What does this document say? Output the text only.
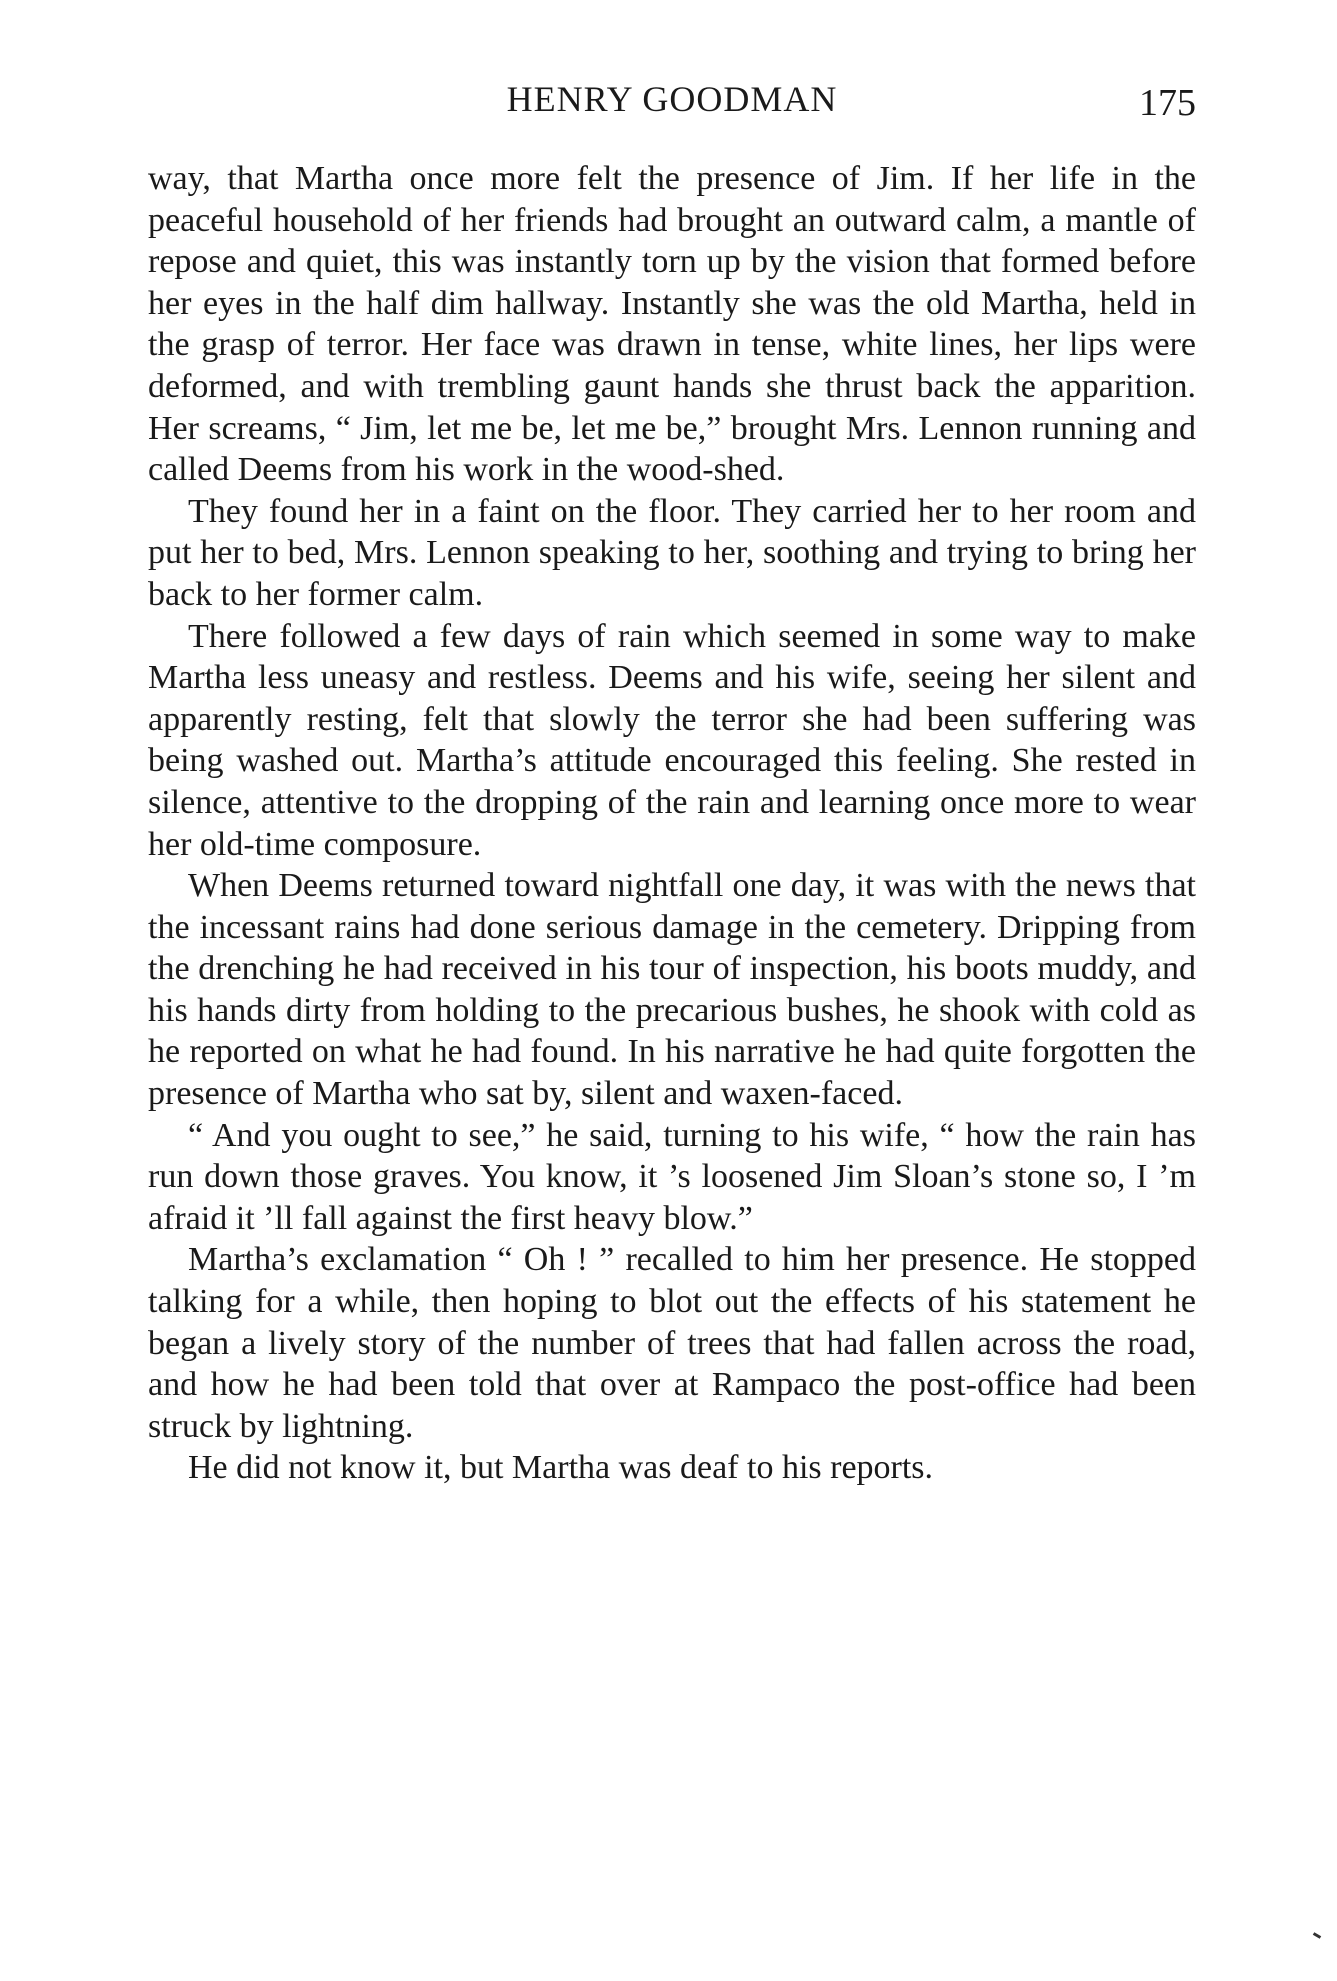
HENRY GOODMAN	175

way, that Martha once more felt the presence of Jim. If her life in the peaceful household of her friends had brought an outward calm, a mantle of repose and quiet, this was instantly torn up by the vision that formed before her eyes in the half dim hallway. Instantly she was the old Martha, held in the grasp of terror. Her face was drawn in tense, white lines, her lips were deformed, and with trembling gaunt hands she thrust back the apparition. Her screams, “ Jim, let me be, let me be,” brought Mrs. Lennon running and called Deems from his work in the wood-shed.

They found her in a faint on the floor. They carried her to her room and put her to bed, Mrs. Lennon speaking to her, soothing and trying to bring her back to her former calm.

There followed a few days of rain which seemed in some way to make Martha less uneasy and restless. Deems and his wife, seeing her silent and apparently resting, felt that slowly the terror she had been suffering was being washed out. Martha’s attitude encouraged this feeling. She rested in silence, attentive to the dropping of the rain and learning once more to wear her old-time composure.

When Deems returned toward nightfall one day, it was with the news that the incessant rains had done serious damage in the cemetery. Dripping from the drenching he had received in his tour of inspection, his boots muddy, and his hands dirty from holding to the precarious bushes, he shook with cold as he reported on what he had found. In his narrative he had quite forgotten the presence of Martha who sat by, silent and waxen-faced.

“ And you ought to see,” he said, turning to his wife, “ how the rain has run down those graves. You know, it ’s loosened Jim Sloan’s stone so, I ’m afraid it ’ll fall against the first heavy blow.”

Martha’s exclamation “ Oh ! ” recalled to him her presence. He stopped talking for a while, then hoping to blot out the effects of his statement he began a lively story of the number of trees that had fallen across the road, and how he had been told that over at Rampaco the post-office had been struck by lightning.

He did not know it, but Martha was deaf to his reports.
